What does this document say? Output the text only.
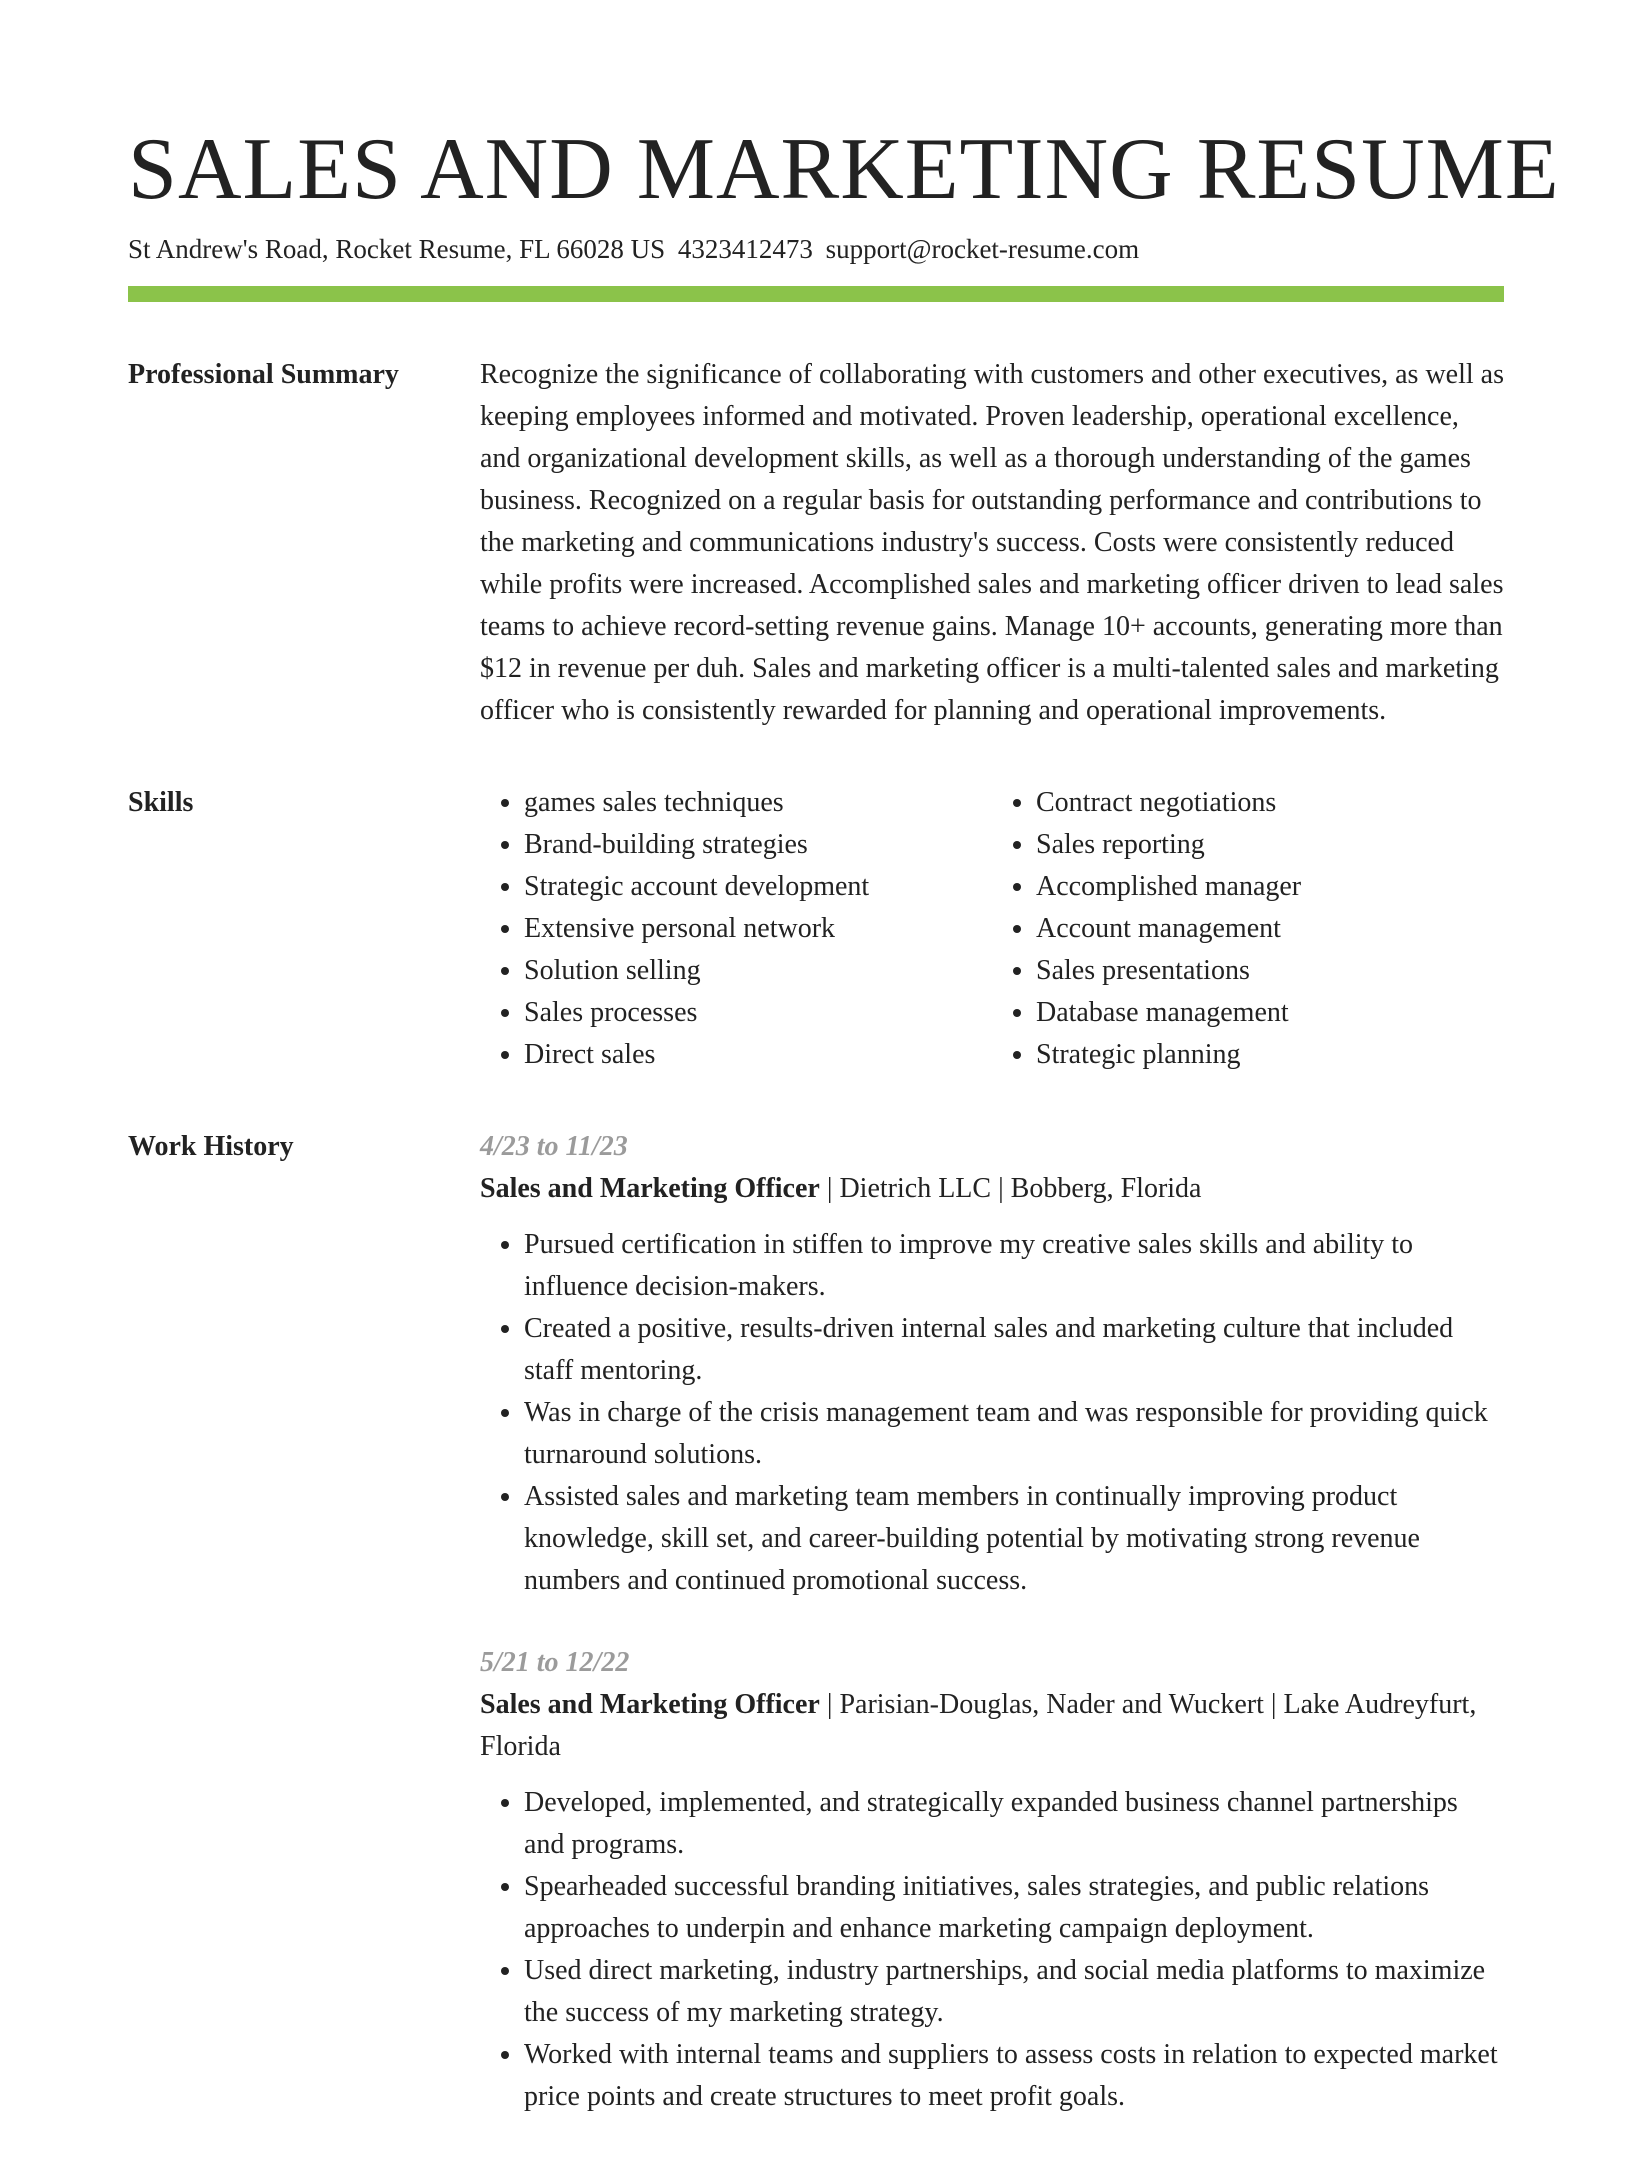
SALES AND MARKETING RESUME
St Andrew's Road, Rocket Resume, FL 66028 US 4323412473 support@rocket-resume.com
Professional Summary	Recognize the significance of collaborating with customers and other executives, as well as keeping employees informed and motivated. Proven leadership, operational excellence, and organizational development skills, as well as a thorough understanding of the games business. Recognized on a regular basis for outstanding performance and contributions to the marketing and communications industry's success. Costs were consistently reduced while profits were increased. Accomplished sales and marketing officer driven to lead sales teams to achieve record-setting revenue gains. Manage 10+ accounts, generating more than $12 in revenue per duh. Sales and marketing officer is a multi-talented sales and marketing officer who is consistently rewarded for planning and operational improvements.

Skills
•	games sales techniques
• Brand-building strategies
• Strategic account development
• Extensive personal network
• Solution selling
• Sales processes
• Direct sales
• Contract negotiations
• Sales reporting
• Accomplished manager
• Account management
• Sales presentations
• Database management
• Strategic planning
Work History	4/23 to 11/23
Sales and Marketing Officer | Dietrich LLC | Bobberg, Florida
• Pursued certification in stiffen to improve my creative sales skills and ability to influence decision-makers.
• Created a positive, results-driven internal sales and marketing culture that included staff mentoring.
• Was in charge of the crisis management team and was responsible for providing quick turnaround solutions.
• Assisted sales and marketing team members in continually improving product knowledge, skill set, and career-building potential by motivating strong revenue numbers and continued promotional success.
5/21 to 12/22
Sales and Marketing Officer | Parisian-Douglas, Nader and Wuckert | Lake Audreyfurt, Florida
• Developed, implemented, and strategically expanded business channel partnerships and programs.
• Spearheaded successful branding initiatives, sales strategies, and public relations approaches to underpin and enhance marketing campaign deployment.
• Used direct marketing, industry partnerships, and social media platforms to maximize the success of my marketing strategy.
• Worked with internal teams and suppliers to assess costs in relation to expected market price points and create structures to meet profit goals.
